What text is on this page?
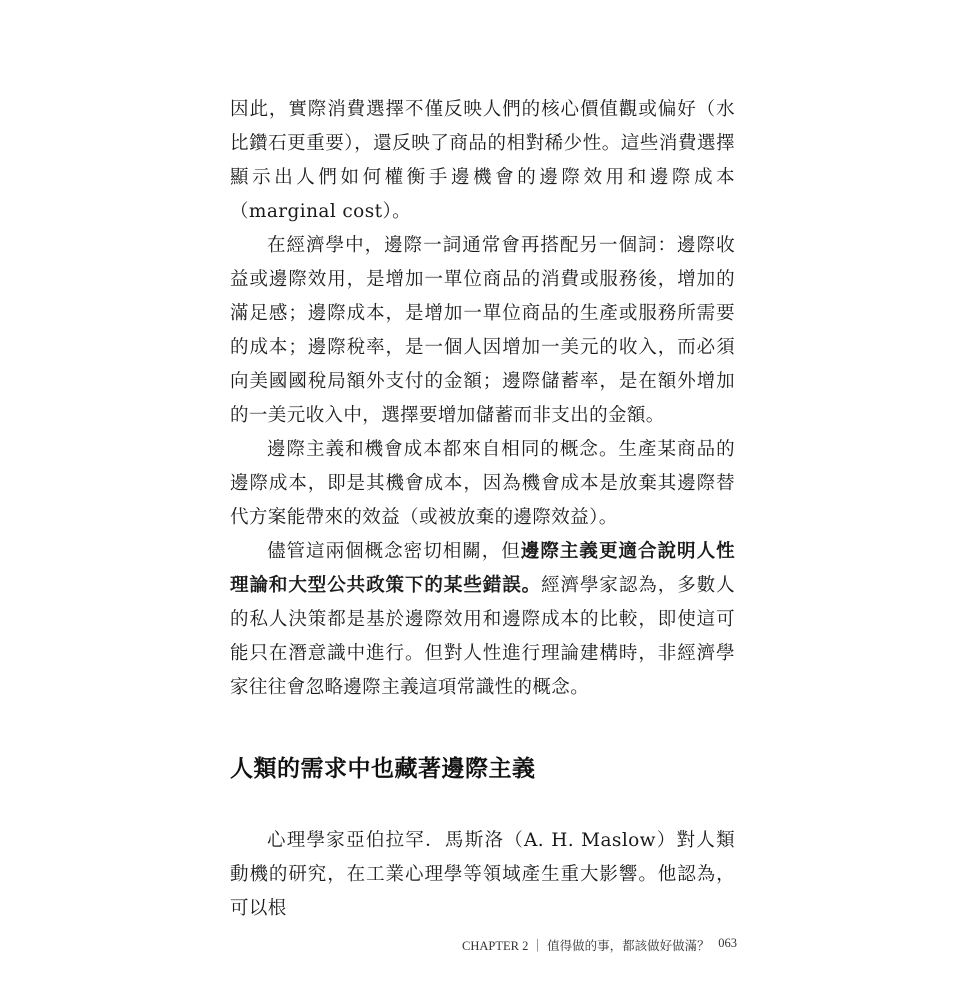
因此，實際消費選擇不僅反映人們的核心價值觀或偏好（水比鑽石更重要），還反映了商品的相對稀少性。這些消費選擇顯示出人們如何權衡手邊機會的邊際效用和邊際成本（marginal cost）。

在經濟學中，邊際一詞通常會再搭配另一個詞：邊際收益或邊際效用，是增加一單位商品的消費或服務後，增加的滿足感；邊際成本，是增加一單位商品的生產或服務所需要的成本；邊際稅率，是一個人因增加一美元的收入，而必須向美國國稅局額外支付的金額；邊際儲蓄率，是在額外增加的一美元收入中，選擇要增加儲蓄而非支出的金額。

邊際主義和機會成本都來自相同的概念。生產某商品的邊際成本，即是其機會成本，因為機會成本是放棄其邊際替代方案能帶來的效益（或被放棄的邊際效益）。

儘管這兩個概念密切相關，但邊際主義更適合說明人性理論和大型公共政策下的某些錯誤。經濟學家認為，多數人的私人決策都是基於邊際效用和邊際成本的比較，即使這可能只在潛意識中進行。但對人性進行理論建構時，非經濟學家往往會忽略邊際主義這項常識性的概念。

人類的需求中也藏著邊際主義

心理學家亞伯拉罕．馬斯洛（A. H. Maslow）對人類動機的研究，在工業心理學等領域產生重大影響。他認為，可以根

CHAPTER 2 ｜ 值得做的事，都該做好做滿？ 063
